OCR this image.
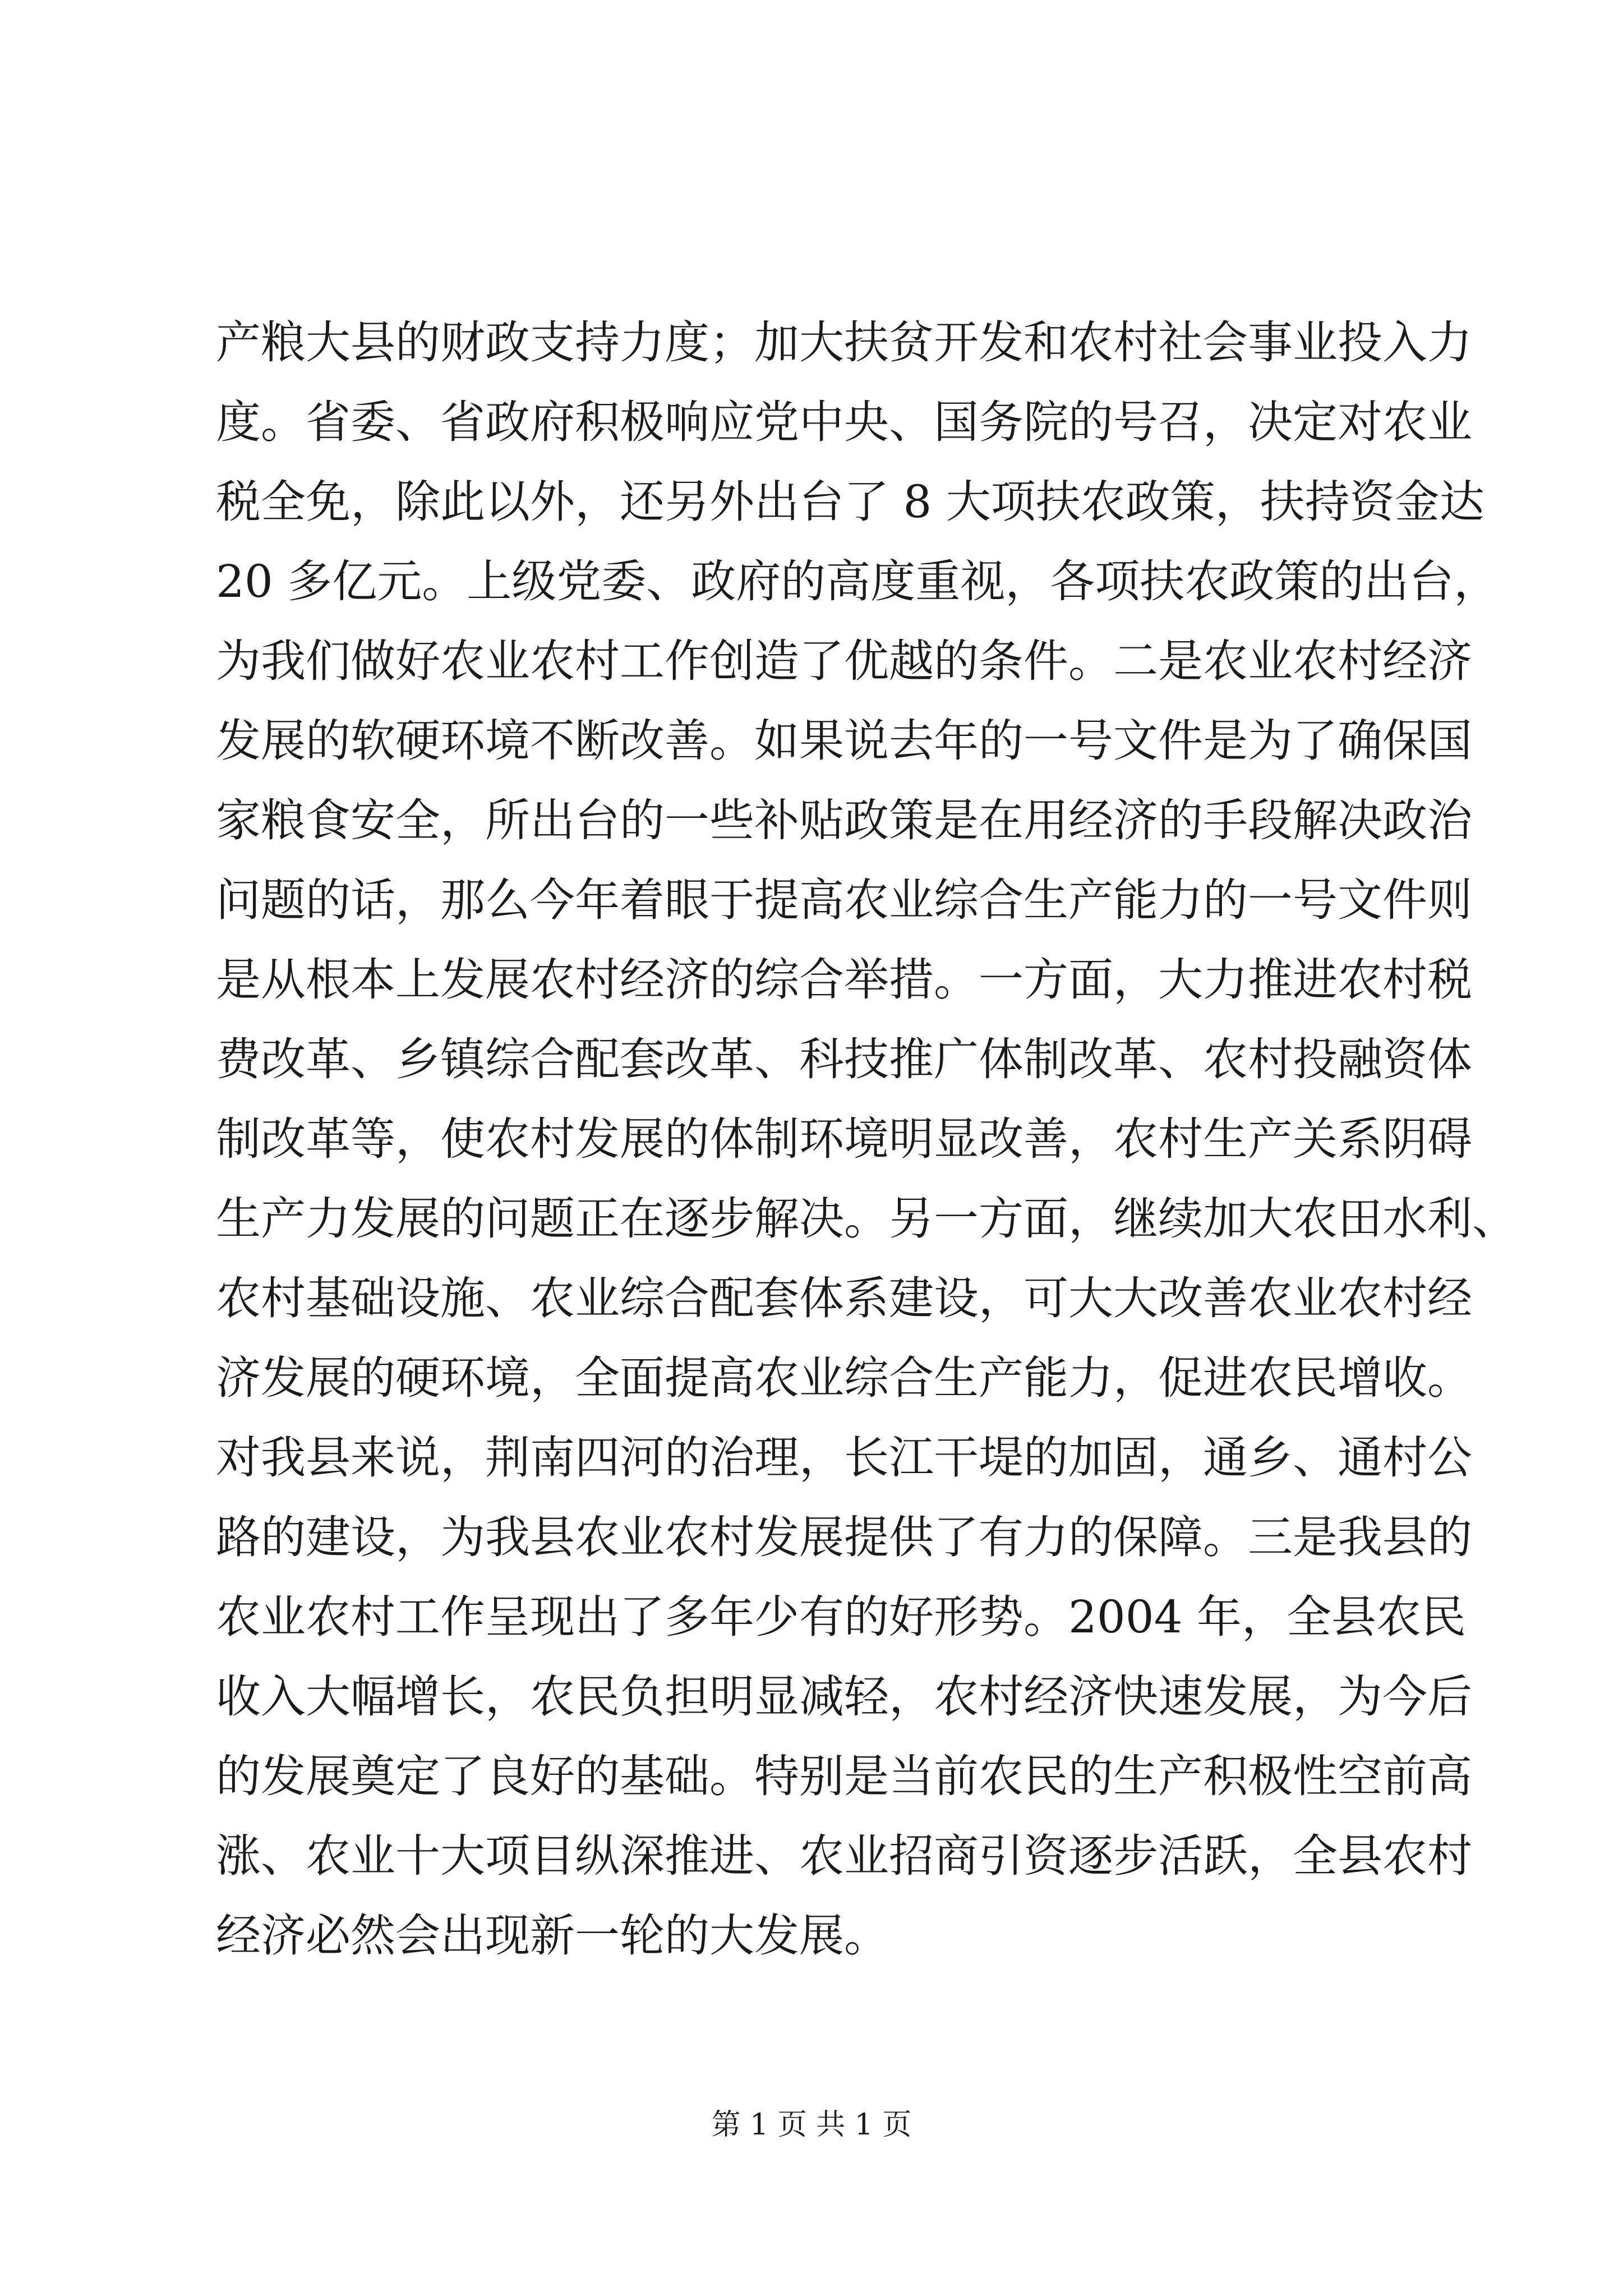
产粮大县的财政支持力度；加大扶贫开发和农村社会事业投入力
度。省委、省政府积极响应党中央、国务院的号召，决定对农业
税全免，除此以外，还另外出台了 8 大项扶农政策，扶持资金达
20 多亿元。上级党委、政府的高度重视，各项扶农政策的出台，
为我们做好农业农村工作创造了优越的条件。二是农业农村经济
发展的软硬环境不断改善。如果说去年的一号文件是为了确保国
家粮食安全，所出台的一些补贴政策是在用经济的手段解决政治
问题的话，那么今年着眼于提高农业综合生产能力的一号文件则
是从根本上发展农村经济的综合举措。一方面，大力推进农村税
费改革、乡镇综合配套改革、科技推广体制改革、农村投融资体
制改革等，使农村发展的体制环境明显改善，农村生产关系阴碍
生产力发展的问题正在逐步解决。另一方面，继续加大农田水利、
农村基础设施、农业综合配套体系建设，可大大改善农业农村经
济发展的硬环境，全面提高农业综合生产能力，促进农民增收。
对我县来说，荆南四河的治理，长江干堤的加固，通乡、通村公
路的建设，为我县农业农村发展提供了有力的保障。三是我县的
农业农村工作呈现出了多年少有的好形势。2004 年，全县农民
收入大幅增长，农民负担明显减轻，农村经济快速发展，为今后
的发展奠定了良好的基础。特别是当前农民的生产积极性空前高
涨、农业十大项目纵深推进、农业招商引资逐步活跃，全县农村
经济必然会出现新一轮的大发展。
第 1 页 共 1 页
